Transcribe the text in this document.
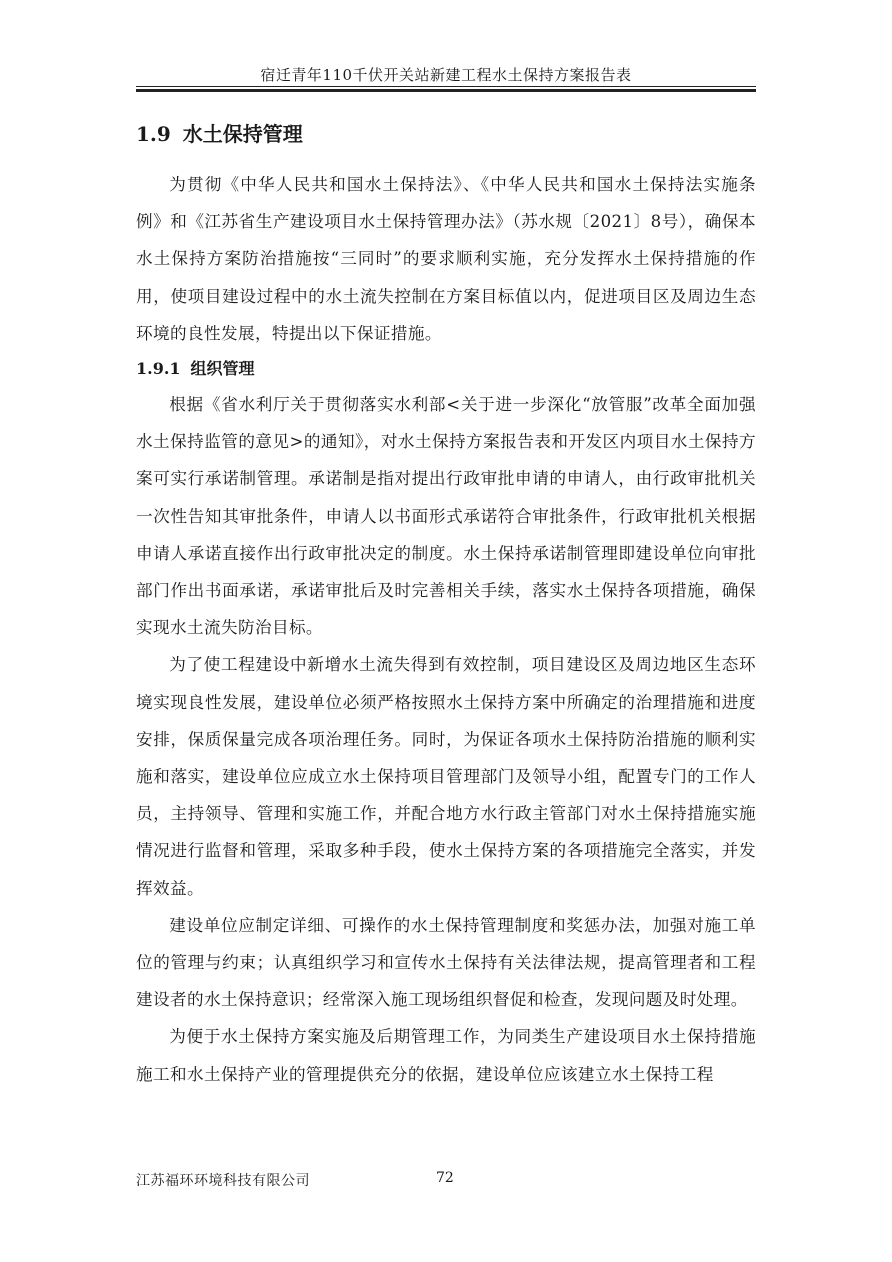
宿迁青年110千伏开关站新建工程水土保持方案报告表
1.9 水土保持管理

为贯彻《中华人民共和国水土保持法》、《中华人民共和国水土保持法实施条例》和《江苏省生产建设项目水土保持管理办法》（苏水规〔2021〕8号），确保本水土保持方案防治措施按“三同时”的要求顺利实施，充分发挥水土保持措施的作用，使项目建设过程中的水土流失控制在方案目标值以内，促进项目区及周边生态环境的良性发展，特提出以下保证措施。

1.9.1 组织管理

根据《省水利厅关于贯彻落实水利部<关于进一步深化“放管服”改革全面加强水土保持监管的意见>的通知》，对水土保持方案报告表和开发区内项目水土保持方案可实行承诺制管理。承诺制是指对提出行政审批申请的申请人，由行政审批机关一次性告知其审批条件，申请人以书面形式承诺符合审批条件，行政审批机关根据申请人承诺直接作出行政审批决定的制度。水土保持承诺制管理即建设单位向审批部门作出书面承诺，承诺审批后及时完善相关手续，落实水土保持各项措施，确保实现水土流失防治目标。

为了使工程建设中新增水土流失得到有效控制，项目建设区及周边地区生态环境实现良性发展，建设单位必须严格按照水土保持方案中所确定的治理措施和进度安排，保质保量完成各项治理任务。同时，为保证各项水土保持防治措施的顺利实施和落实，建设单位应成立水土保持项目管理部门及领导小组，配置专门的工作人员，主持领导、管理和实施工作，并配合地方水行政主管部门对水土保持措施实施情况进行监督和管理，采取多种手段，使水土保持方案的各项措施完全落实，并发挥效益。

建设单位应制定详细、可操作的水土保持管理制度和奖惩办法，加强对施工单位的管理与约束；认真组织学习和宣传水土保持有关法律法规，提高管理者和工程建设者的水土保持意识；经常深入施工现场组织督促和检查，发现问题及时处理。

为便于水土保持方案实施及后期管理工作，为同类生产建设项目水土保持措施施工和水土保持产业的管理提供充分的依据，建设单位应该建立水土保持工程

江苏福环环境科技有限公司	72
